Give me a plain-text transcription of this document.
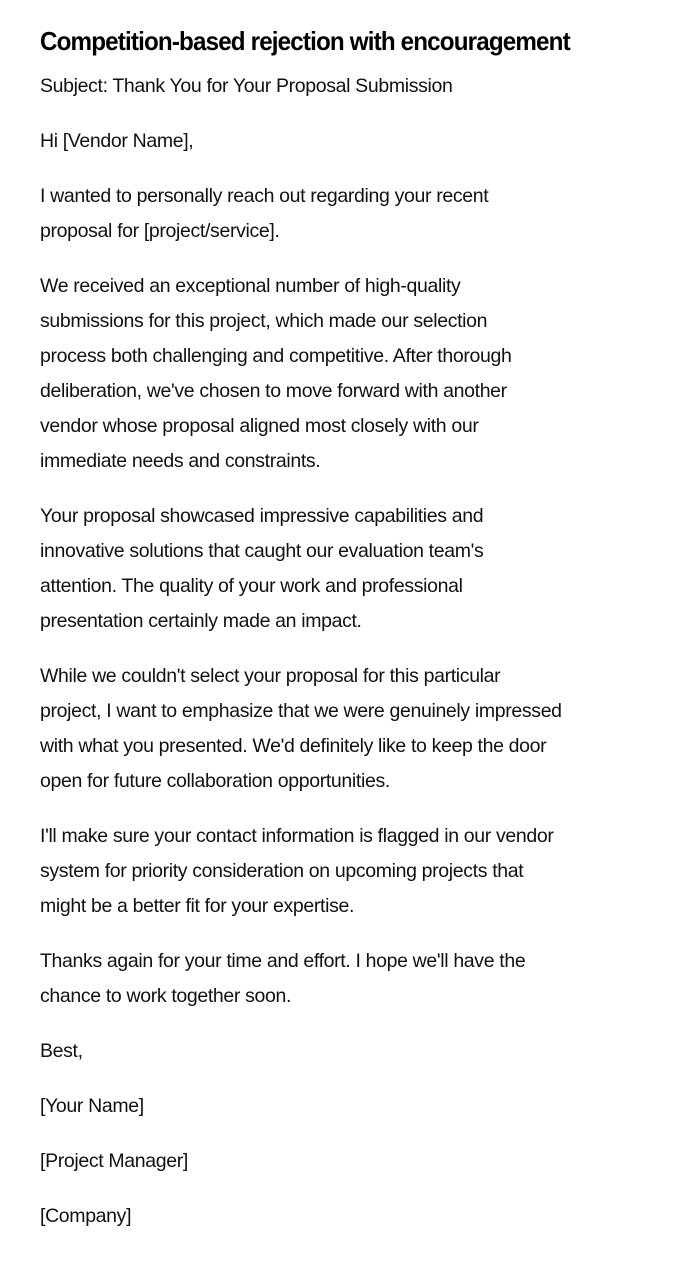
Competition-based rejection with encouragement

Subject: Thank You for Your Proposal Submission

Hi [Vendor Name],

I wanted to personally reach out regarding your recent
proposal for [project/service].

We received an exceptional number of high-quality
submissions for this project, which made our selection
process both challenging and competitive. After thorough
deliberation, we've chosen to move forward with another
vendor whose proposal aligned most closely with our
immediate needs and constraints.

Your proposal showcased impressive capabilities and
innovative solutions that caught our evaluation team's
attention. The quality of your work and professional
presentation certainly made an impact.

While we couldn't select your proposal for this particular
project, I want to emphasize that we were genuinely impressed
with what you presented. We'd definitely like to keep the door
open for future collaboration opportunities.

I'll make sure your contact information is flagged in our vendor
system for priority consideration on upcoming projects that
might be a better fit for your expertise.

Thanks again for your time and effort. I hope we'll have the
chance to work together soon.

Best,

[Your Name]

[Project Manager]

[Company]
